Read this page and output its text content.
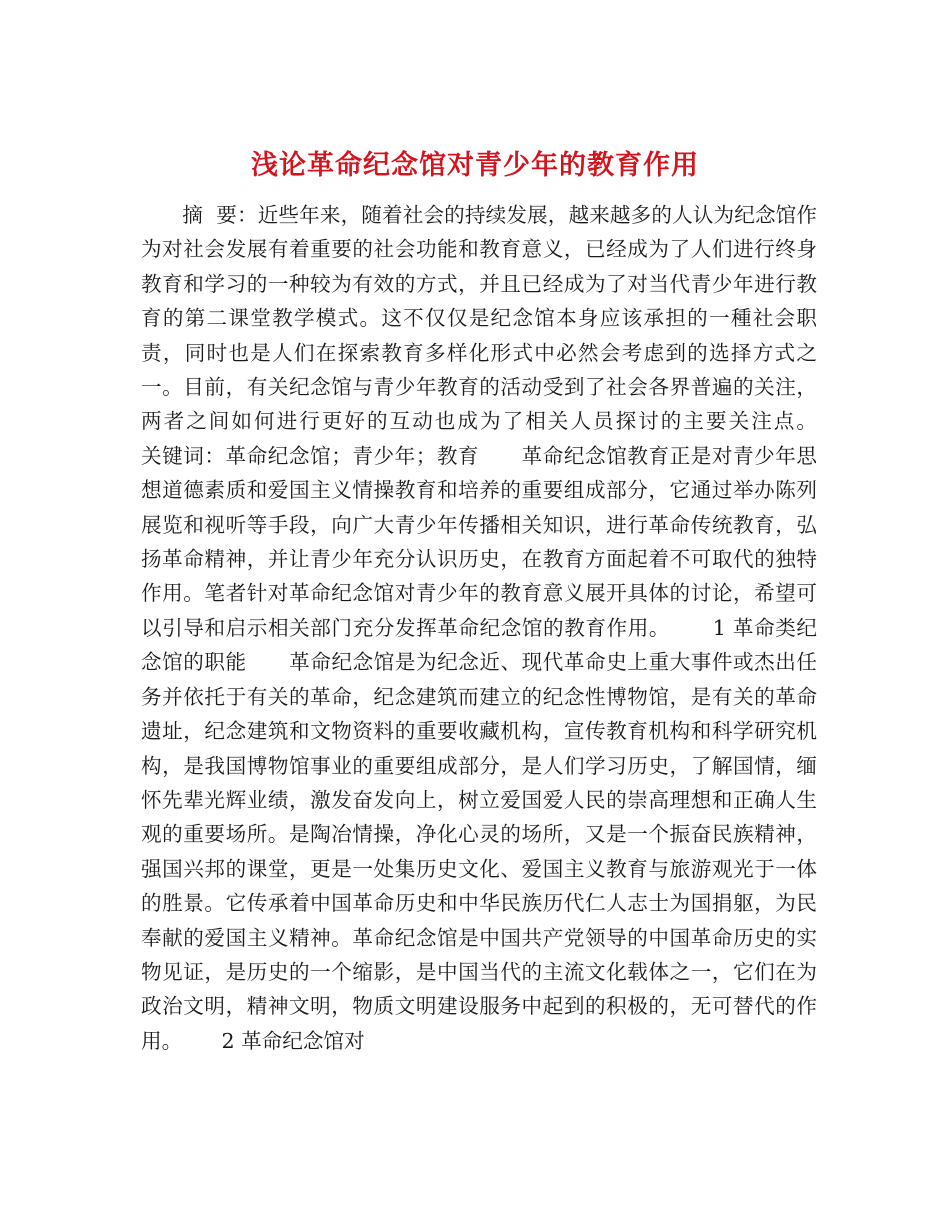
浅论革命纪念馆对青少年的教育作用

摘  要：近些年来，随着社会的持续发展，越来越多的人认为纪念馆作为对社会发展有着重要的社会功能和教育意义，已经成为了人们进行终身教育和学习的一种较为有效的方式，并且已经成为了对当代青少年进行教育的第二课堂教学模式。这不仅仅是纪念馆本身应该承担的一種社会职责，同时也是人们在探索教育多样化形式中必然会考虑到的选择方式之一。目前，有关纪念馆与青少年教育的活动受到了社会各界普遍的关注，两者之间如何进行更好的互动也成为了相关人员探讨的主要关注点。      关键词：革命纪念馆；青少年；教育      革命纪念馆教育正是对青少年思想道德素质和爱国主义情操教育和培养的重要组成部分，它通过举办陈列展览和视听等手段，向广大青少年传播相关知识，进行革命传统教育，弘扬革命精神，并让青少年充分认识历史，在教育方面起着不可取代的独特作用。笔者针对革命纪念馆对青少年的教育意义展开具体的讨论，希望可以引导和启示相关部门充分发挥革命纪念馆的教育作用。      1 革命类纪念馆的职能      革命纪念馆是为纪念近、现代革命史上重大事件或杰出任务并依托于有关的革命，纪念建筑而建立的纪念性博物馆，是有关的革命遗址，纪念建筑和文物资料的重要收藏机构，宣传教育机构和科学研究机构，是我国博物馆事业的重要组成部分，是人们学习历史，了解国情，缅怀先辈光辉业绩，激发奋发向上，树立爱国爱人民的崇高理想和正确人生观的重要场所。是陶冶情操，净化心灵的场所，又是一个振奋民族精神，强国兴邦的课堂，更是一处集历史文化、爱国主义教育与旅游观光于一体的胜景。它传承着中国革命历史和中华民族历代仁人志士为国捐躯，为民奉献的爱国主义精神。革命纪念馆是中国共产党领导的中国革命历史的实物见证，是历史的一个缩影，是中国当代的主流文化载体之一，它们在为政治文明，精神文明，物质文明建设服务中起到的积极的，无可替代的作用。      2 革命纪念馆对
